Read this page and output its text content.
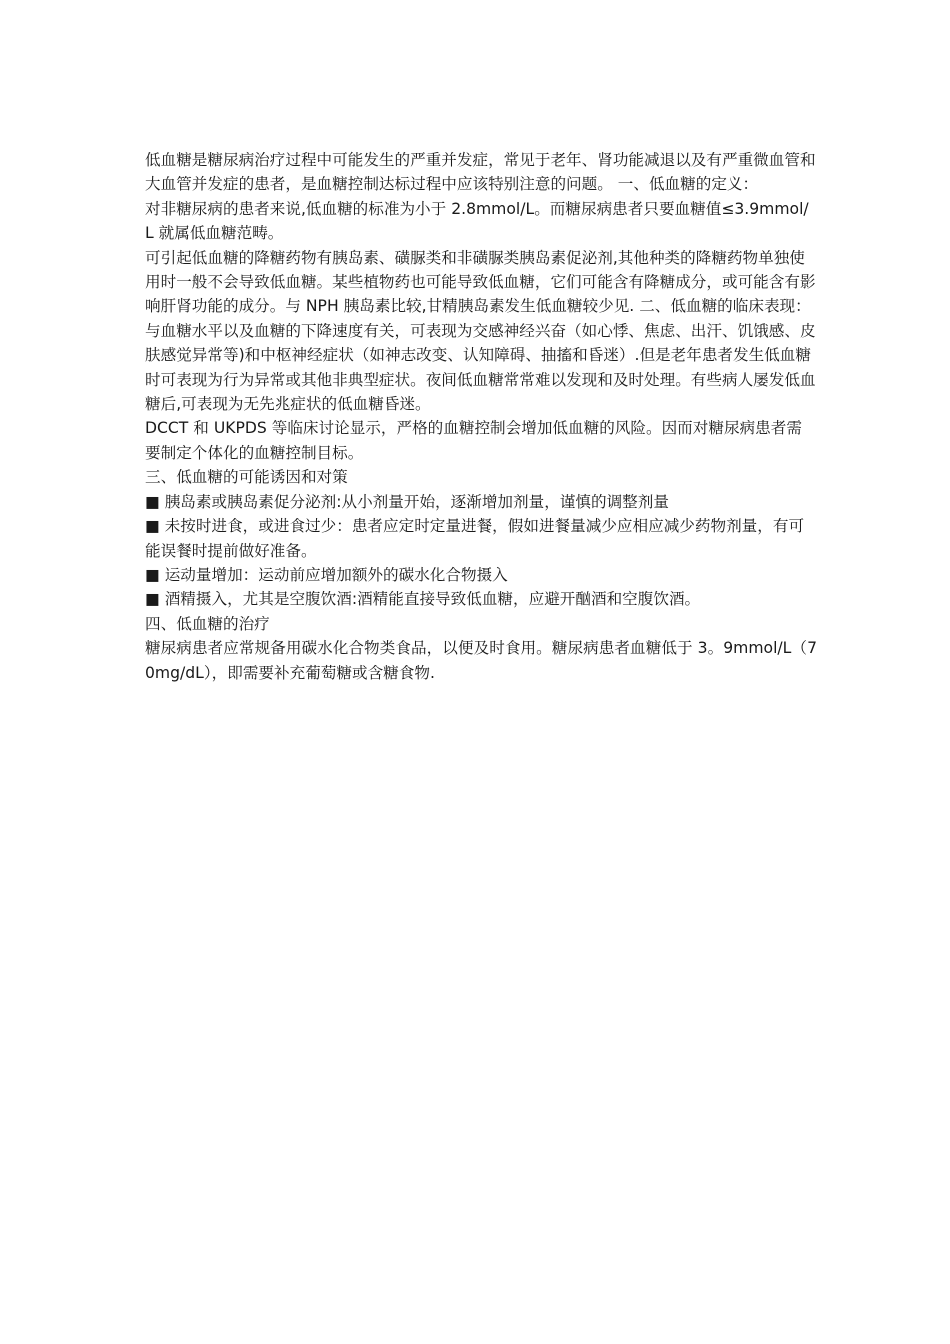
低血糖是糖尿病治疗过程中可能发生的严重并发症，常见于老年、肾功能减退以及有严重微血管和大血管并发症的患者，是血糖控制达标过程中应该特别注意的问题。 一、低血糖的定义：

对非糖尿病的患者来说,低血糖的标准为小于 2.8mmol/L。而糖尿病患者只要血糖值≤3.9mmol/L 就属低血糖范畴。

可引起低血糖的降糖药物有胰岛素、磺脲类和非磺脲类胰岛素促泌剂,其他种类的降糖药物单独使用时一般不会导致低血糖。某些植物药也可能导致低血糖，它们可能含有降糖成分，或可能含有影响肝肾功能的成分。与 NPH 胰岛素比较,甘精胰岛素发生低血糖较少见. 二、低血糖的临床表现：

与血糖水平以及血糖的下降速度有关，可表现为交感神经兴奋（如心悸、焦虑、出汗、饥饿感、皮肤感觉异常等)和中枢神经症状（如神志改变、认知障碍、抽搐和昏迷）.但是老年患者发生低血糖时可表现为行为异常或其他非典型症状。夜间低血糖常常难以发现和及时处理。有些病人屡发低血糖后,可表现为无先兆症状的低血糖昏迷。

DCCT 和 UKPDS 等临床讨论显示，严格的血糖控制会增加低血糖的风险。因而对糖尿病患者需要制定个体化的血糖控制目标。

三、低血糖的可能诱因和对策

■ 胰岛素或胰岛素促分泌剂:从小剂量开始，逐渐增加剂量，谨慎的调整剂量

■ 未按时进食，或进食过少：患者应定时定量进餐，假如进餐量减少应相应减少药物剂量，有可能误餐时提前做好准备。

■ 运动量增加：运动前应增加额外的碳水化合物摄入

■ 酒精摄入，尤其是空腹饮酒:酒精能直接导致低血糖，应避开酗酒和空腹饮酒。

四、低血糖的治疗

糖尿病患者应常规备用碳水化合物类食品，以便及时食用。糖尿病患者血糖低于 3。9mmol/L（70mg/dL），即需要补充葡萄糖或含糖食物.
